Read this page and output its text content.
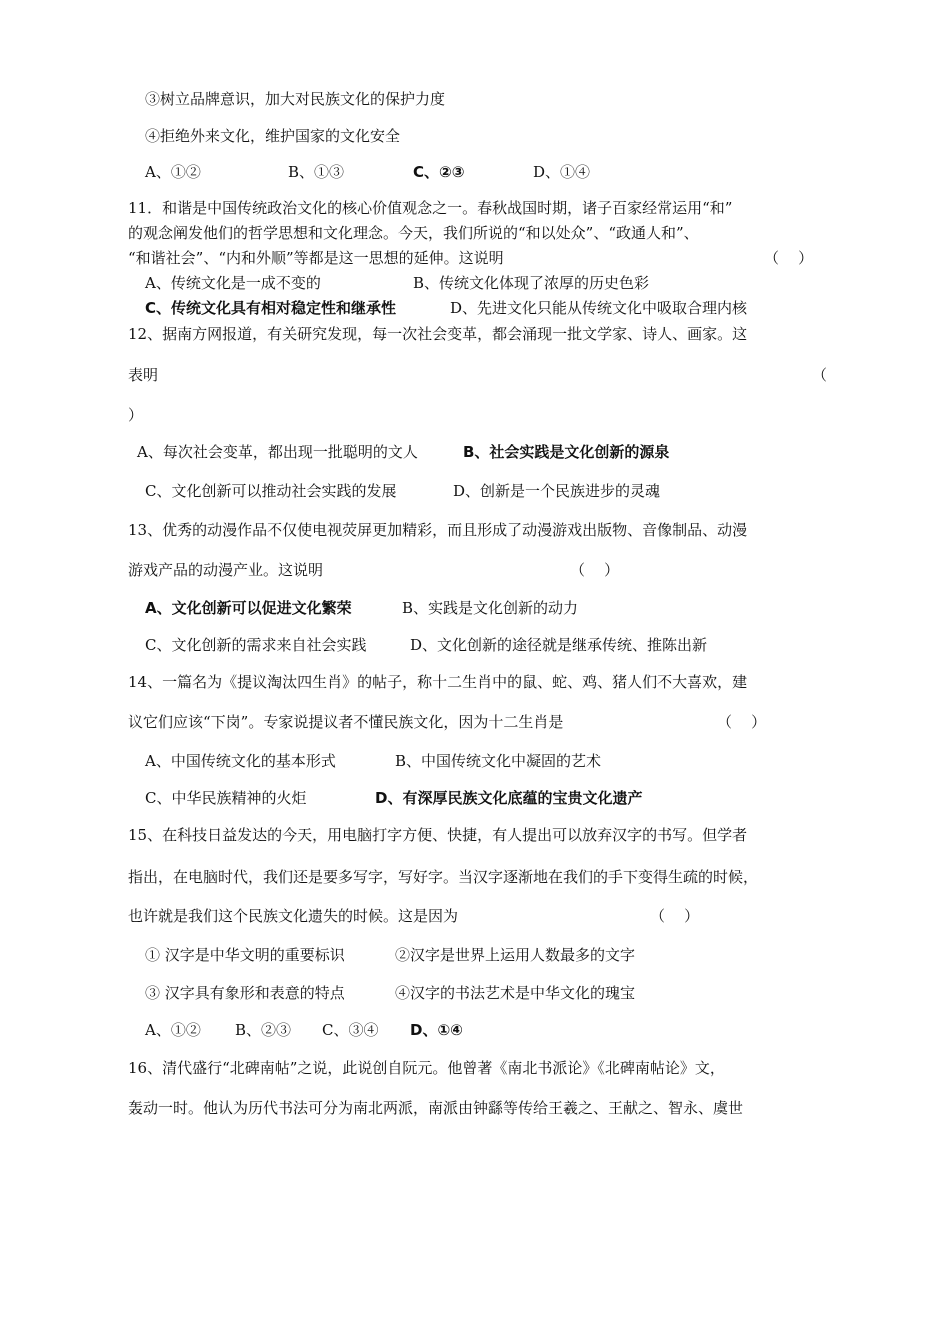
③树立品牌意识，加大对民族文化的保护力度
④拒绝外来文化，维护国家的文化安全
A、①②	B、①③	C、②③	D、①④
11．和谐是中国传统政治文化的核心价值观念之一。春秋战国时期，诸子百家经常运用“和”
的观念阐发他们的哲学思想和文化理念。今天，我们所说的“和以处众”、“政通人和”、
“和谐社会”、“内和外顺”等都是这一思想的延伸。这说明	（    ）
A、传统文化是一成不变的	B、传统文化体现了浓厚的历史色彩
C、传统文化具有相对稳定性和继承性	D、先进文化只能从传统文化中吸取合理内核
12、据南方网报道，有关研究发现，每一次社会变革，都会涌现一批文学家、诗人、画家。这
表明	（
）
A、每次社会变革，都出现一批聪明的文人	B、社会实践是文化创新的源泉
C、文化创新可以推动社会实践的发展	D、创新是一个民族进步的灵魂
13、优秀的动漫作品不仅使电视荧屏更加精彩，而且形成了动漫游戏出版物、音像制品、动漫
游戏产品的动漫产业。这说明	（    ）
A、文化创新可以促进文化繁荣	B、实践是文化创新的动力
C、文化创新的需求来自社会实践	D、文化创新的途径就是继承传统、推陈出新
14、一篇名为《提议淘汰四生肖》的帖子，称十二生肖中的鼠、蛇、鸡、猪人们不大喜欢，建
议它们应该“下岗”。专家说提议者不懂民族文化，因为十二生肖是	（    ）
A、中国传统文化的基本形式	B、中国传统文化中凝固的艺术
C、中华民族精神的火炬	D、有深厚民族文化底蕴的宝贵文化遗产
15、在科技日益发达的今天，用电脑打字方便、快捷，有人提出可以放弃汉字的书写。但学者
指出，在电脑时代，我们还是要多写字，写好字。当汉字逐渐地在我们的手下变得生疏的时候，
也许就是我们这个民族文化遗失的时候。这是因为	（    ）
① 汉字是中华文明的重要标识	②汉字是世界上运用人数最多的文字
③ 汉字具有象形和表意的特点	④汉字的书法艺术是中华文化的瑰宝
A、①② B、②③ C、③④ D、①④
16、清代盛行“北碑南帖”之说，此说创自阮元。他曾著《南北书派论》《北碑南帖论》文，
轰动一时。他认为历代书法可分为南北两派，南派由钟繇等传给王羲之、王献之、智永、虞世
